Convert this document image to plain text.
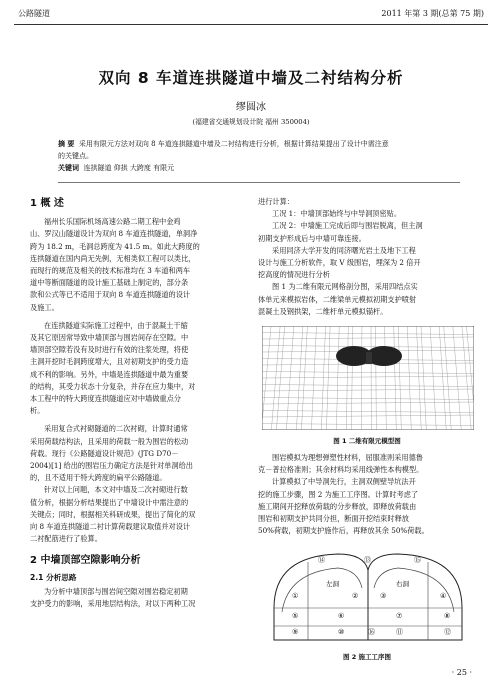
公路隧道	2011 年第 3 期(总第 75 期)
双向 8 车道连拱隧道中墙及二衬结构分析
缪圆冰
(福建省交通规划设计院 福州 350004)
摘 要 采用有限元方法对双向 8 车道连拱隧道中墙及二衬结构进行分析，根据计算结果提出了设计中需注意
的关键点。
关键词 连拱隧道 仰拱 大跨度 有限元
1 概 述
福州长乐国际机场高速公路二期工程中金鸡
山、罗汉山隧道设计为双向 8 车道连拱隧道，单洞净
跨为 18.2 m，毛洞总跨度为 41.5 m。如此大跨度的
连拱隧道在国内尚无先例，无相类似工程可以类比，
而现行的规范及相关的技术标准均在 3 车道和两车
道中等断面隧道的设计施工基础上制定的，部分条
款和公式等已不适用于双向 8 车道连拱隧道的设计
及施工。
在连拱隧道实际施工过程中，由于混凝土干缩
及其它原因常导致中墙顶部与围岩间存在空隙。中
墙顶部空隙若没有及时进行有效的注浆处理，将使
主洞开挖时毛洞跨度增大，且对初期支护的受力造
成不利的影响。另外，中墙是连拱隧道中最为重要
的结构，其受力状态十分复杂，并存在应力集中，对
本工程中的特大跨度连拱隧道应对中墙做重点分
析。
采用复合式衬砌隧道的二次衬砌，计算时通常
采用荷载结构法，且采用的荷载一般为围岩的松动
荷载。现行《公路隧道设计规范》(JTG D70－
2004)[1] 给出的围岩压力确定方法是针对单洞给出
的，且不适用于特大跨度的扁平公路隧道。
针对以上问题，本文对中墙及二次衬砌进行数
值分析，根据分析结果提出了中墙设计中需注意的
关键点；同时，根据相关科研成果，提出了简化的双
向 8 车道连拱隧道二衬计算荷载建议取值并对设计
二衬配筋进行了验算。
2 中墙顶部空隙影响分析
2.1 分析思路
为分析中墙顶部与围岩间空隙对围岩稳定初期
支护受力的影响，采用地层结构法，对以下两种工况
进行计算：
工况 1：中墙顶部始终与中导洞顶密贴。
工况 2：中墙施工完成后即与围岩脱离，但主洞
初期支护形成后与中墙可靠连接。
采用同济大学开发的同济曙光岩土及地下工程
设计与施工分析软件，取 V 级围岩，埋深为 2 倍开
挖高度的情况进行分析
图 1 为二维有限元网格剖分图，采用四结点实
体单元来模拟岩体，二维梁单元模拟初期支护喷射
混凝土及钢拱架，二维杆单元模拟锚杆。
图 1 二维有限元模型图
围岩模拟为理想弹塑性材料，屈服准则采用德鲁
克－普拉格准则；其余材料均采用线弹性本构模型。
计算模拟了中导洞先行，主洞双侧壁导坑法开
挖的施工步骤，图 2 为施工工序图。计算时考虑了
施工期间开挖释放荷载的分步释放，即释放荷载由
围岩和初期支护共同分担，断面开挖结束时释放
50%荷载，初期支护施作后，再释放其余 50%荷载。
①	②	③	④
⑤	⑥	⑦	⑧
⑨	⑩	⑪	⑫
⑬
⑭	⑮
⑯
左洞	右洞
图 2 施工工序图
· 25 ·
